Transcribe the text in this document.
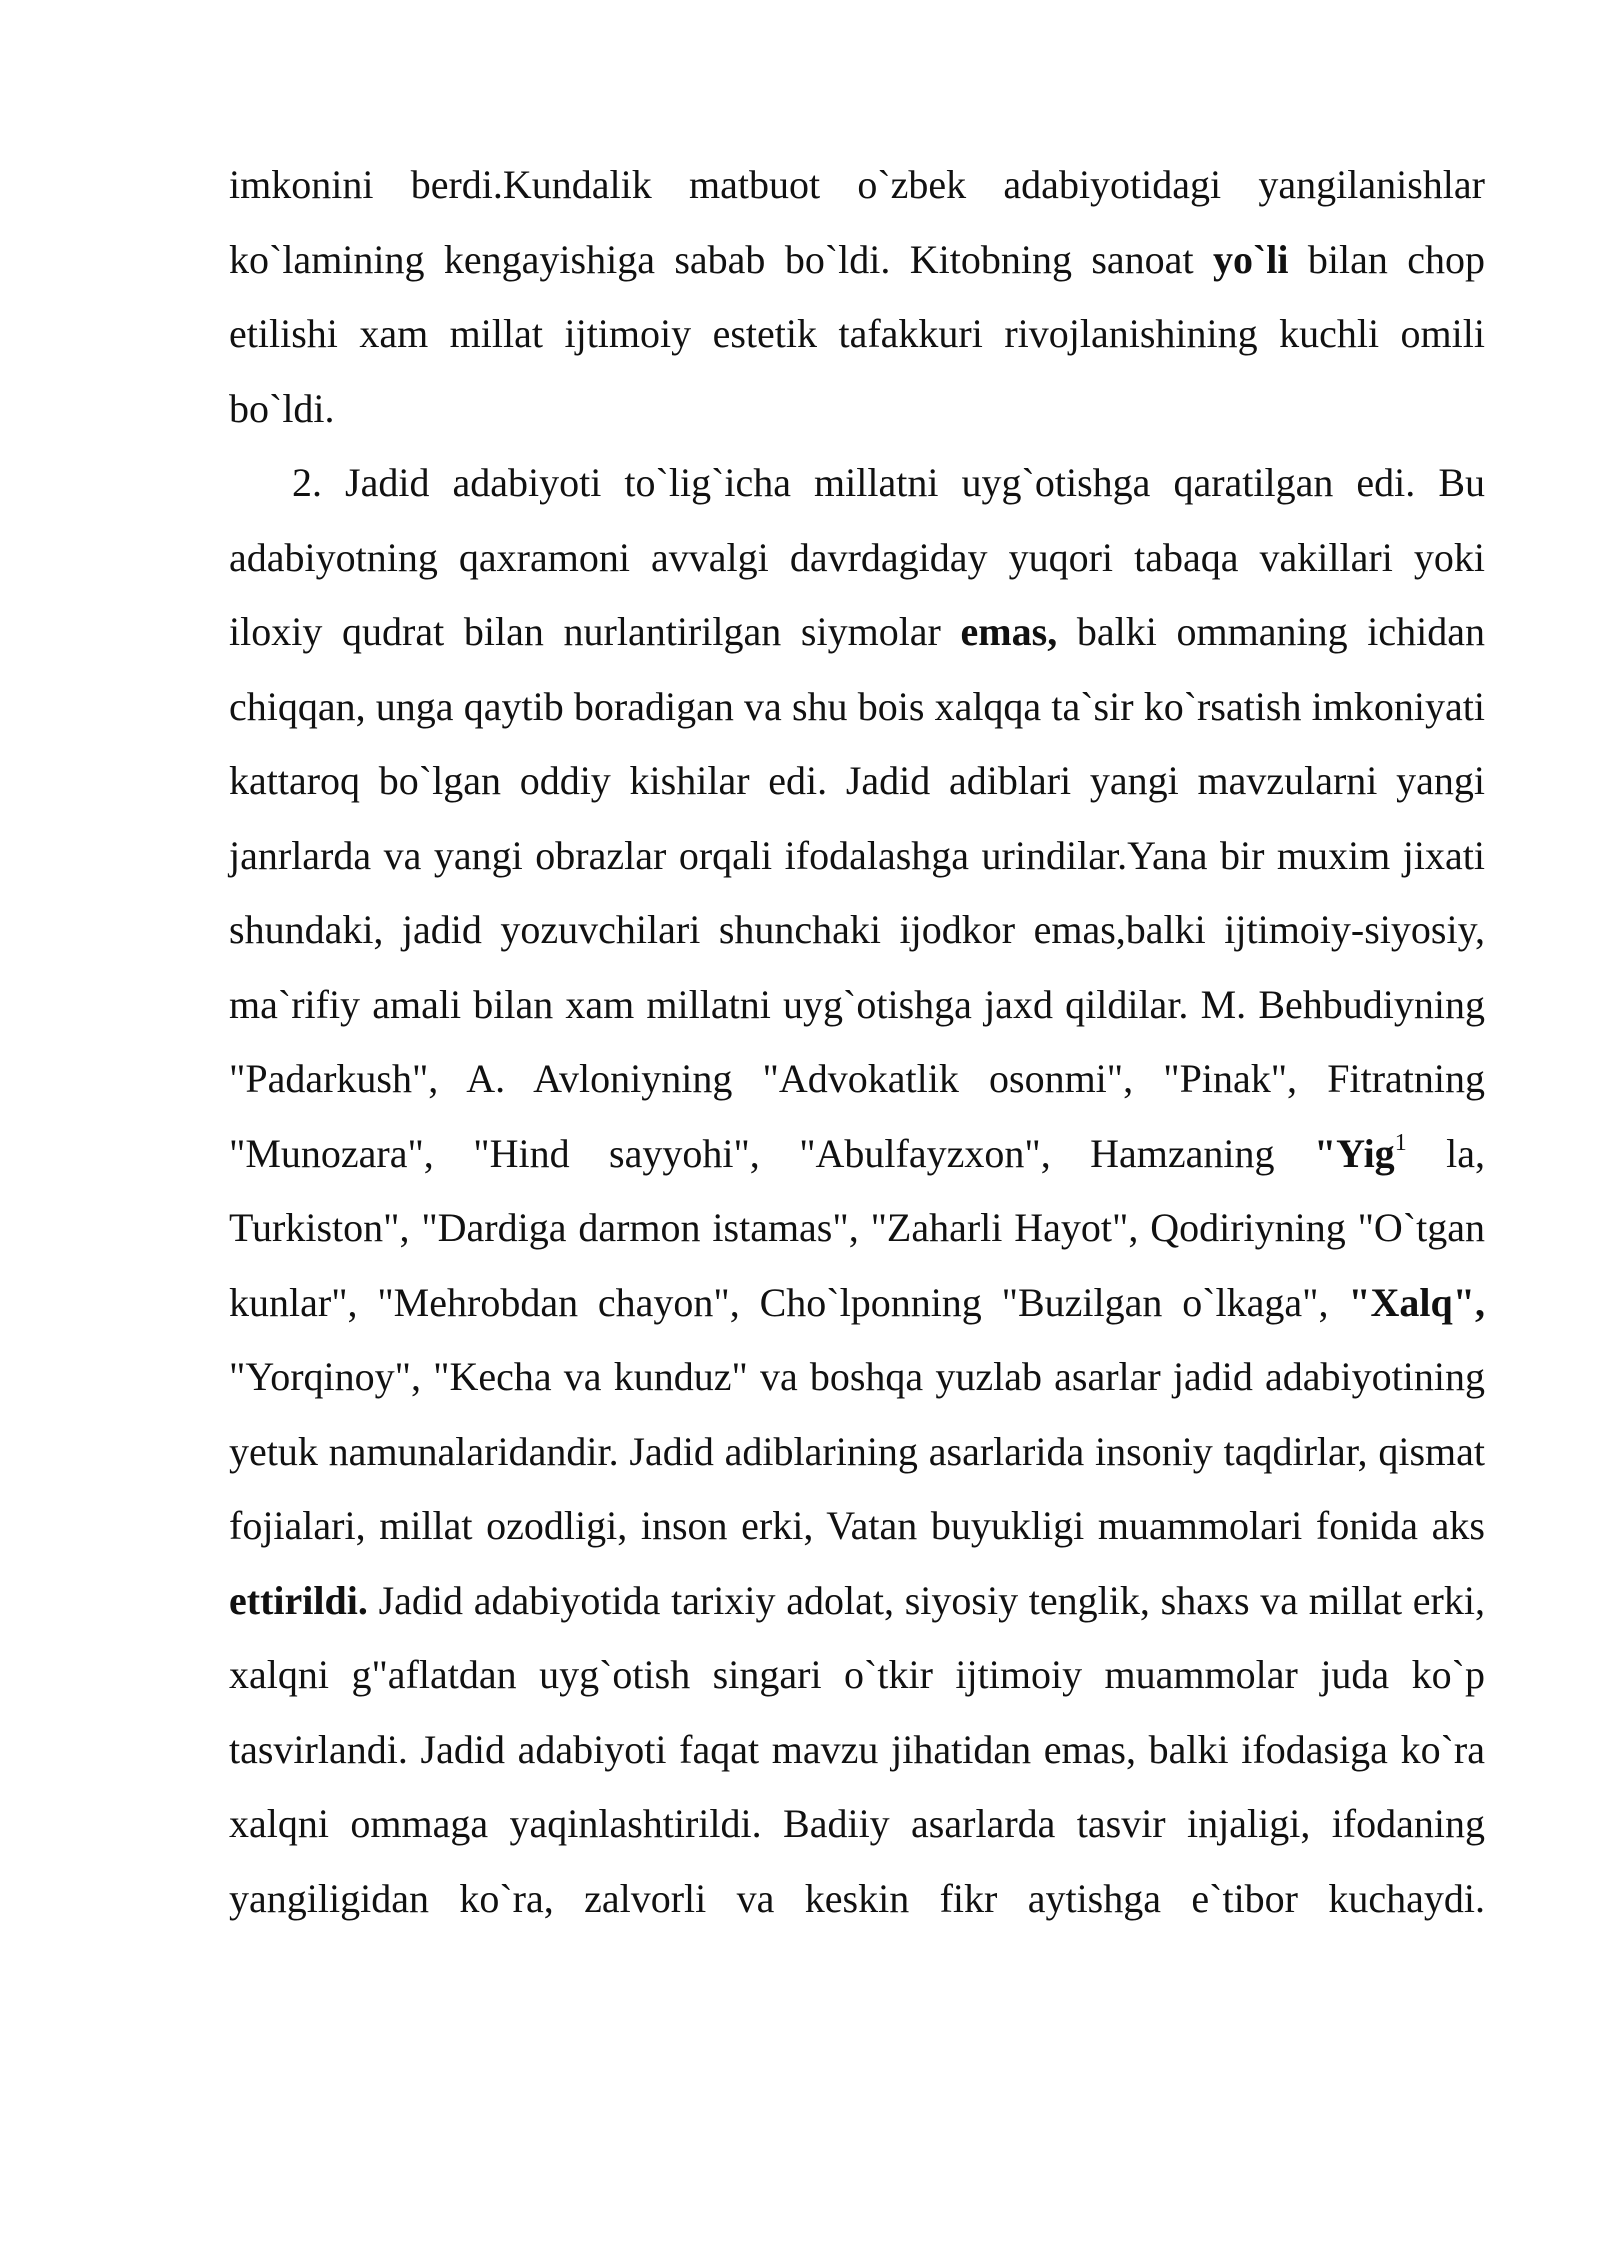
imkonini berdi.Kundalik matbuot o`zbek adabiyotidagi yangilanishlar ko`lamining kengayishiga sabab bo`ldi. Kitobning sanoat yo`li bilan chop etilishi xam millat ijtimoiy estetik tafakkuri rivojlanishining kuchli omili bo`ldi.

2. Jadid adabiyoti to`lig`icha millatni uyg`otishga qaratilgan edi. Bu adabiyotning qaxramoni avvalgi davrdagiday yuqori tabaqa vakillari yoki iloxiy qudrat bilan nurlantirilgan siymolar emas, balki ommaning ichidan chiqqan, unga qaytib boradigan va shu bois xalqqa ta`sir ko`rsatish imkoniyati kattaroq bo`lgan oddiy kishilar edi. Jadid adiblari yangi mavzularni yangi janrlarda va yangi obrazlar orqali ifodalashga urindilar.Yana bir muxim jixati shundaki, jadid yozuvchilari shunchaki ijodkor emas,balki ijtimoiy-siyosiy, ma`rifiy amali bilan xam millatni uyg`otishga jaxd qildilar. M. Behbudiyning "Padarkush", A. Avloniyning "Advokatlik osonmi", "Pinak", Fitratning "Munozara", "Hind sayyohi", "Abulfayzxon", Hamzaning "Yig$^1$ la, Turkiston", "Dardiga darmon istamas", "Zaharli Hayot", Qodiriyning "O`tgan kunlar", "Mehrobdan chayon", Cho`lponning "Buzilgan o`lkaga", "Xalq", "Yorqinoy", "Kecha va kunduz" va boshqa yuzlab asarlar jadid adabiyotining yetuk namunalaridandir. Jadid adiblarining asarlarida insoniy taqdirlar, qismat fojialari, millat ozodligi, inson erki, Vatan buyukligi muammolari fonida aks ettirildi. Jadid adabiyotida tarixiy adolat, siyosiy tenglik, shaxs va millat erki, xalqni g"aflatdan uyg`otish singari o`tkir ijtimoiy muammolar juda ko`p tasvirlandi. Jadid adabiyoti faqat mavzu jihatidan emas, balki ifodasiga ko`ra xalqni ommaga yaqinlashtirildi. Badiiy asarlarda tasvir injaligi, ifodaning yangiligidan ko`ra, zalvorli va keskin fikr aytishga e`tibor kuchaydi.
